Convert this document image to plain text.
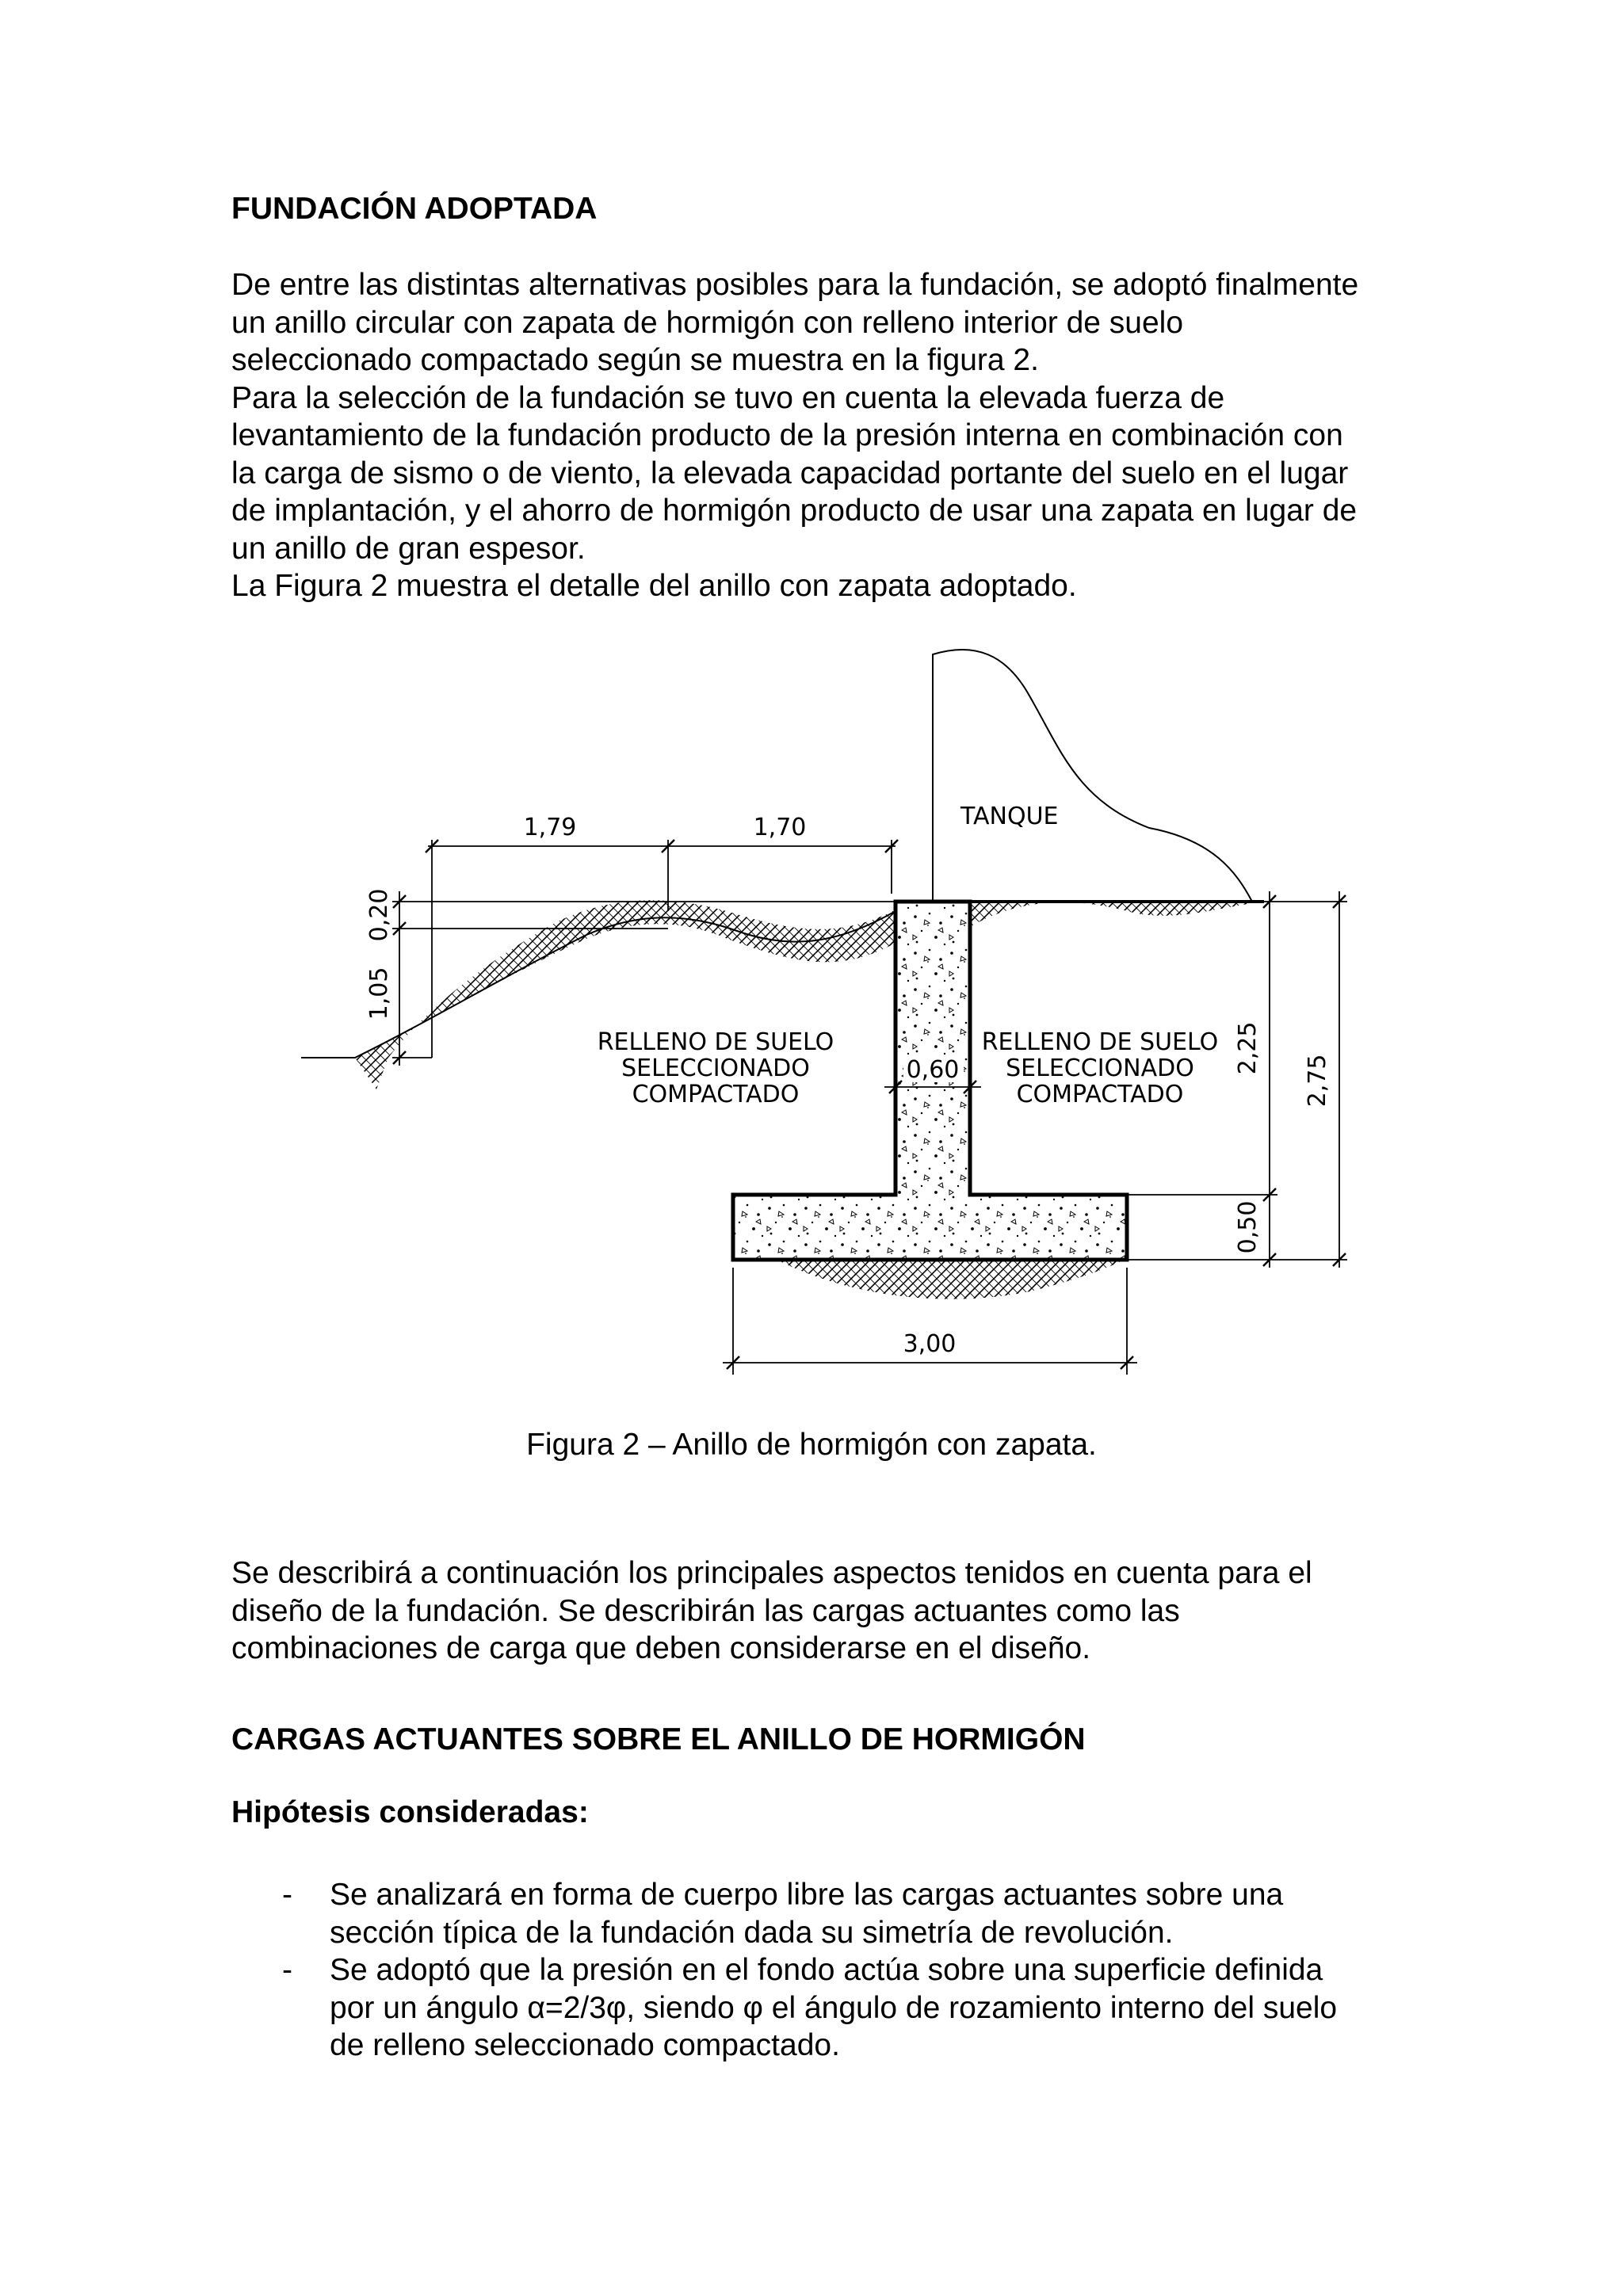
FUNDACIÓN ADOPTADA
De entre las distintas alternativas posibles para la fundación, se adoptó finalmente
un anillo circular con zapata de hormigón con relleno interior de suelo
seleccionado compactado según se muestra en la figura 2.
Para la selección de la fundación se tuvo en cuenta la elevada fuerza de
levantamiento de la fundación producto de la presión interna en combinación con
la carga de sismo o de viento, la elevada capacidad portante del suelo en el lugar
de implantación, y el ahorro de hormigón producto de usar una zapata en lugar de
un anillo de gran espesor.
La Figura 2 muestra el detalle del anillo con zapata adoptado.
TANQUE
RELLENO DE SUELO
SELECCIONADO
COMPACTADO
RELLENO DE SUELO
SELECCIONADO
COMPACTADO
1,79	1,70
0,20
1,05
0,60	2,25
0,50
2,75
3,00
Figura 2 – Anillo de hormigón con zapata.
Se describirá a continuación los principales aspectos tenidos en cuenta para el
diseño de la fundación. Se describirán las cargas actuantes como las
combinaciones de carga que deben considerarse en el diseño.
CARGAS ACTUANTES SOBRE EL ANILLO DE HORMIGÓN
Hipótesis consideradas:
- Se analizará en forma de cuerpo libre las cargas actuantes sobre una
sección típica de la fundación dada su simetría de revolución.
- Se adoptó que la presión en el fondo actúa sobre una superficie definida
por un ángulo α=2/3φ, siendo φ el ángulo de rozamiento interno del suelo
de relleno seleccionado compactado.
